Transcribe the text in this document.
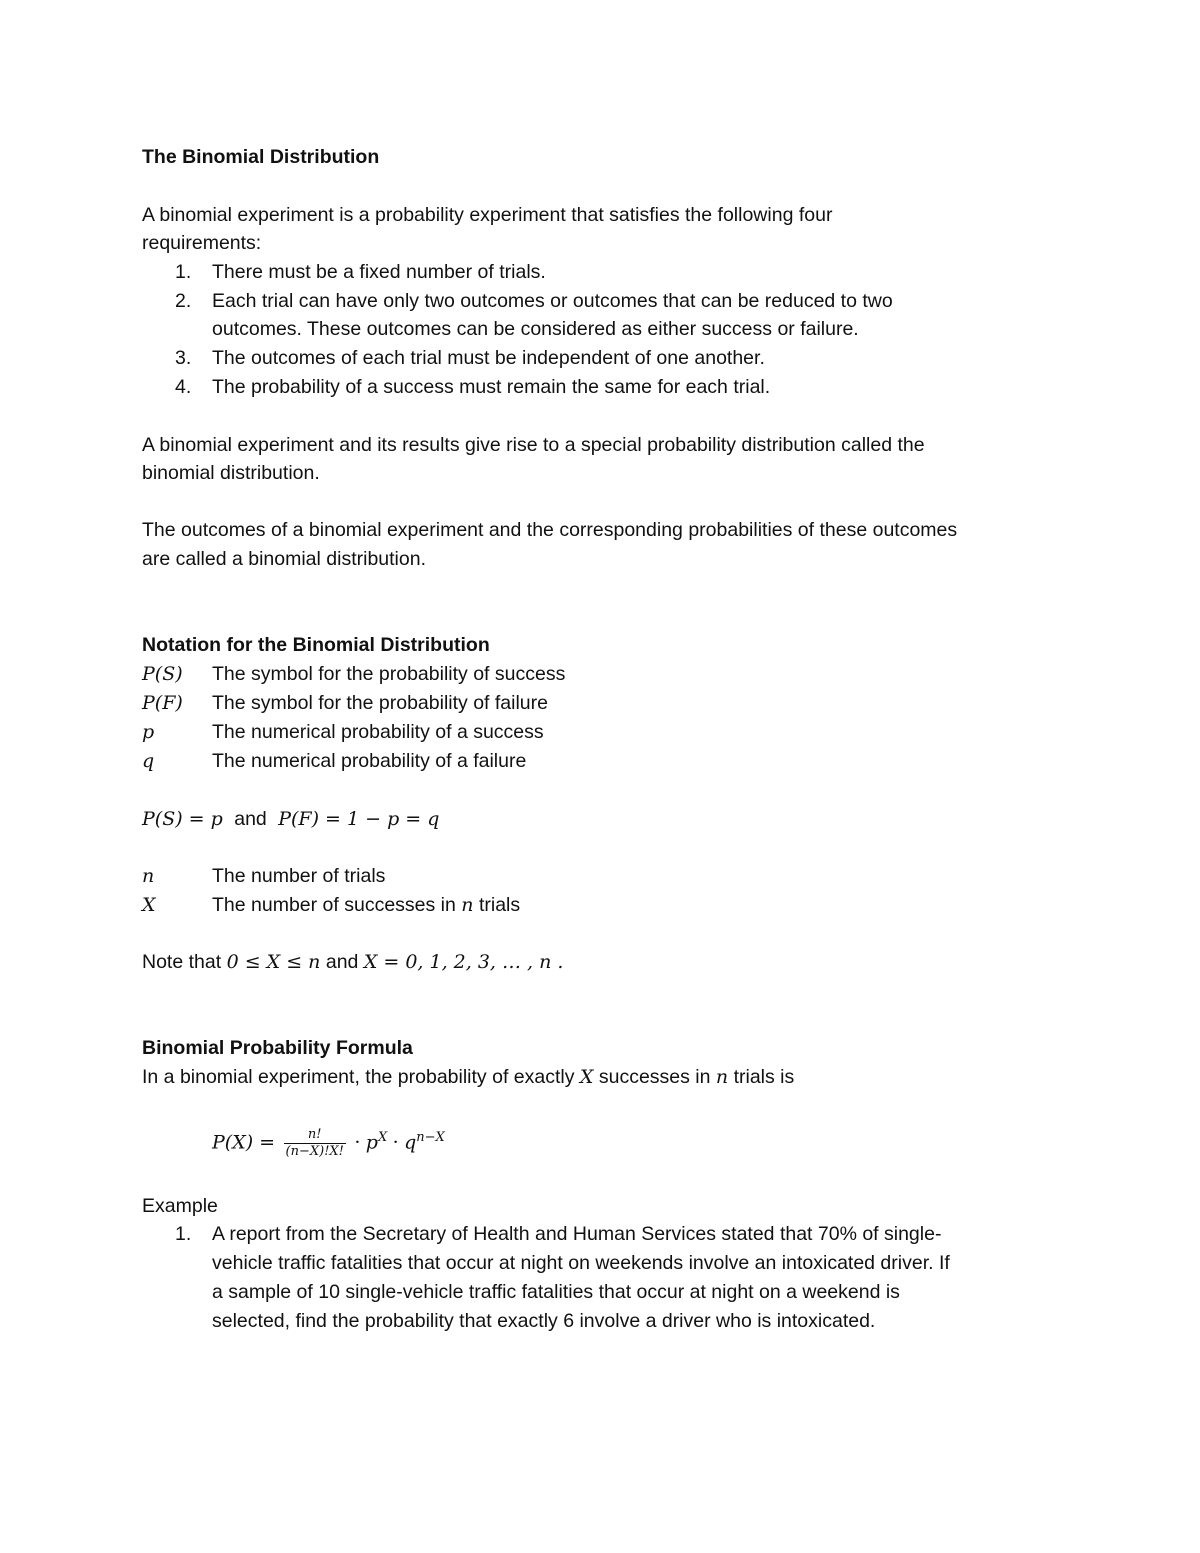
The Binomial Distribution
A binomial experiment is a probability experiment that satisfies the following four
requirements:
1. There must be a fixed number of trials.
2. Each trial can have only two outcomes or outcomes that can be reduced to two
outcomes. These outcomes can be considered as either success or failure.
3. The outcomes of each trial must be independent of one another.
4. The probability of a success must remain the same for each trial.
A binomial experiment and its results give rise to a special probability distribution called the
binomial distribution.
The outcomes of a binomial experiment and the corresponding probabilities of these outcomes
are called a binomial distribution.
Notation for the Binomial Distribution
P(S) The symbol for the probability of success
P(F) The symbol for the probability of failure
p	The numerical probability of a success
q	The numerical probability of a failure
P(S) = p and P(F) = 1 − p = q
n	The number of trials
X	The number of successes in n trials
Note that 0 ≤ X ≤ n and X = 0, 1, 2, 3, … , n .
Binomial Probability Formula
In a binomial experiment, the probability of exactly X successes in n trials is
$P(X) = \frac{n!}{(n-X)!X!} \cdot p^X \cdot q^{n-X}$
Example
1. A report from the Secretary of Health and Human Services stated that 70% of single-
vehicle traffic fatalities that occur at night on weekends involve an intoxicated driver. If
a sample of 10 single-vehicle traffic fatalities that occur at night on a weekend is
selected, find the probability that exactly 6 involve a driver who is intoxicated.
